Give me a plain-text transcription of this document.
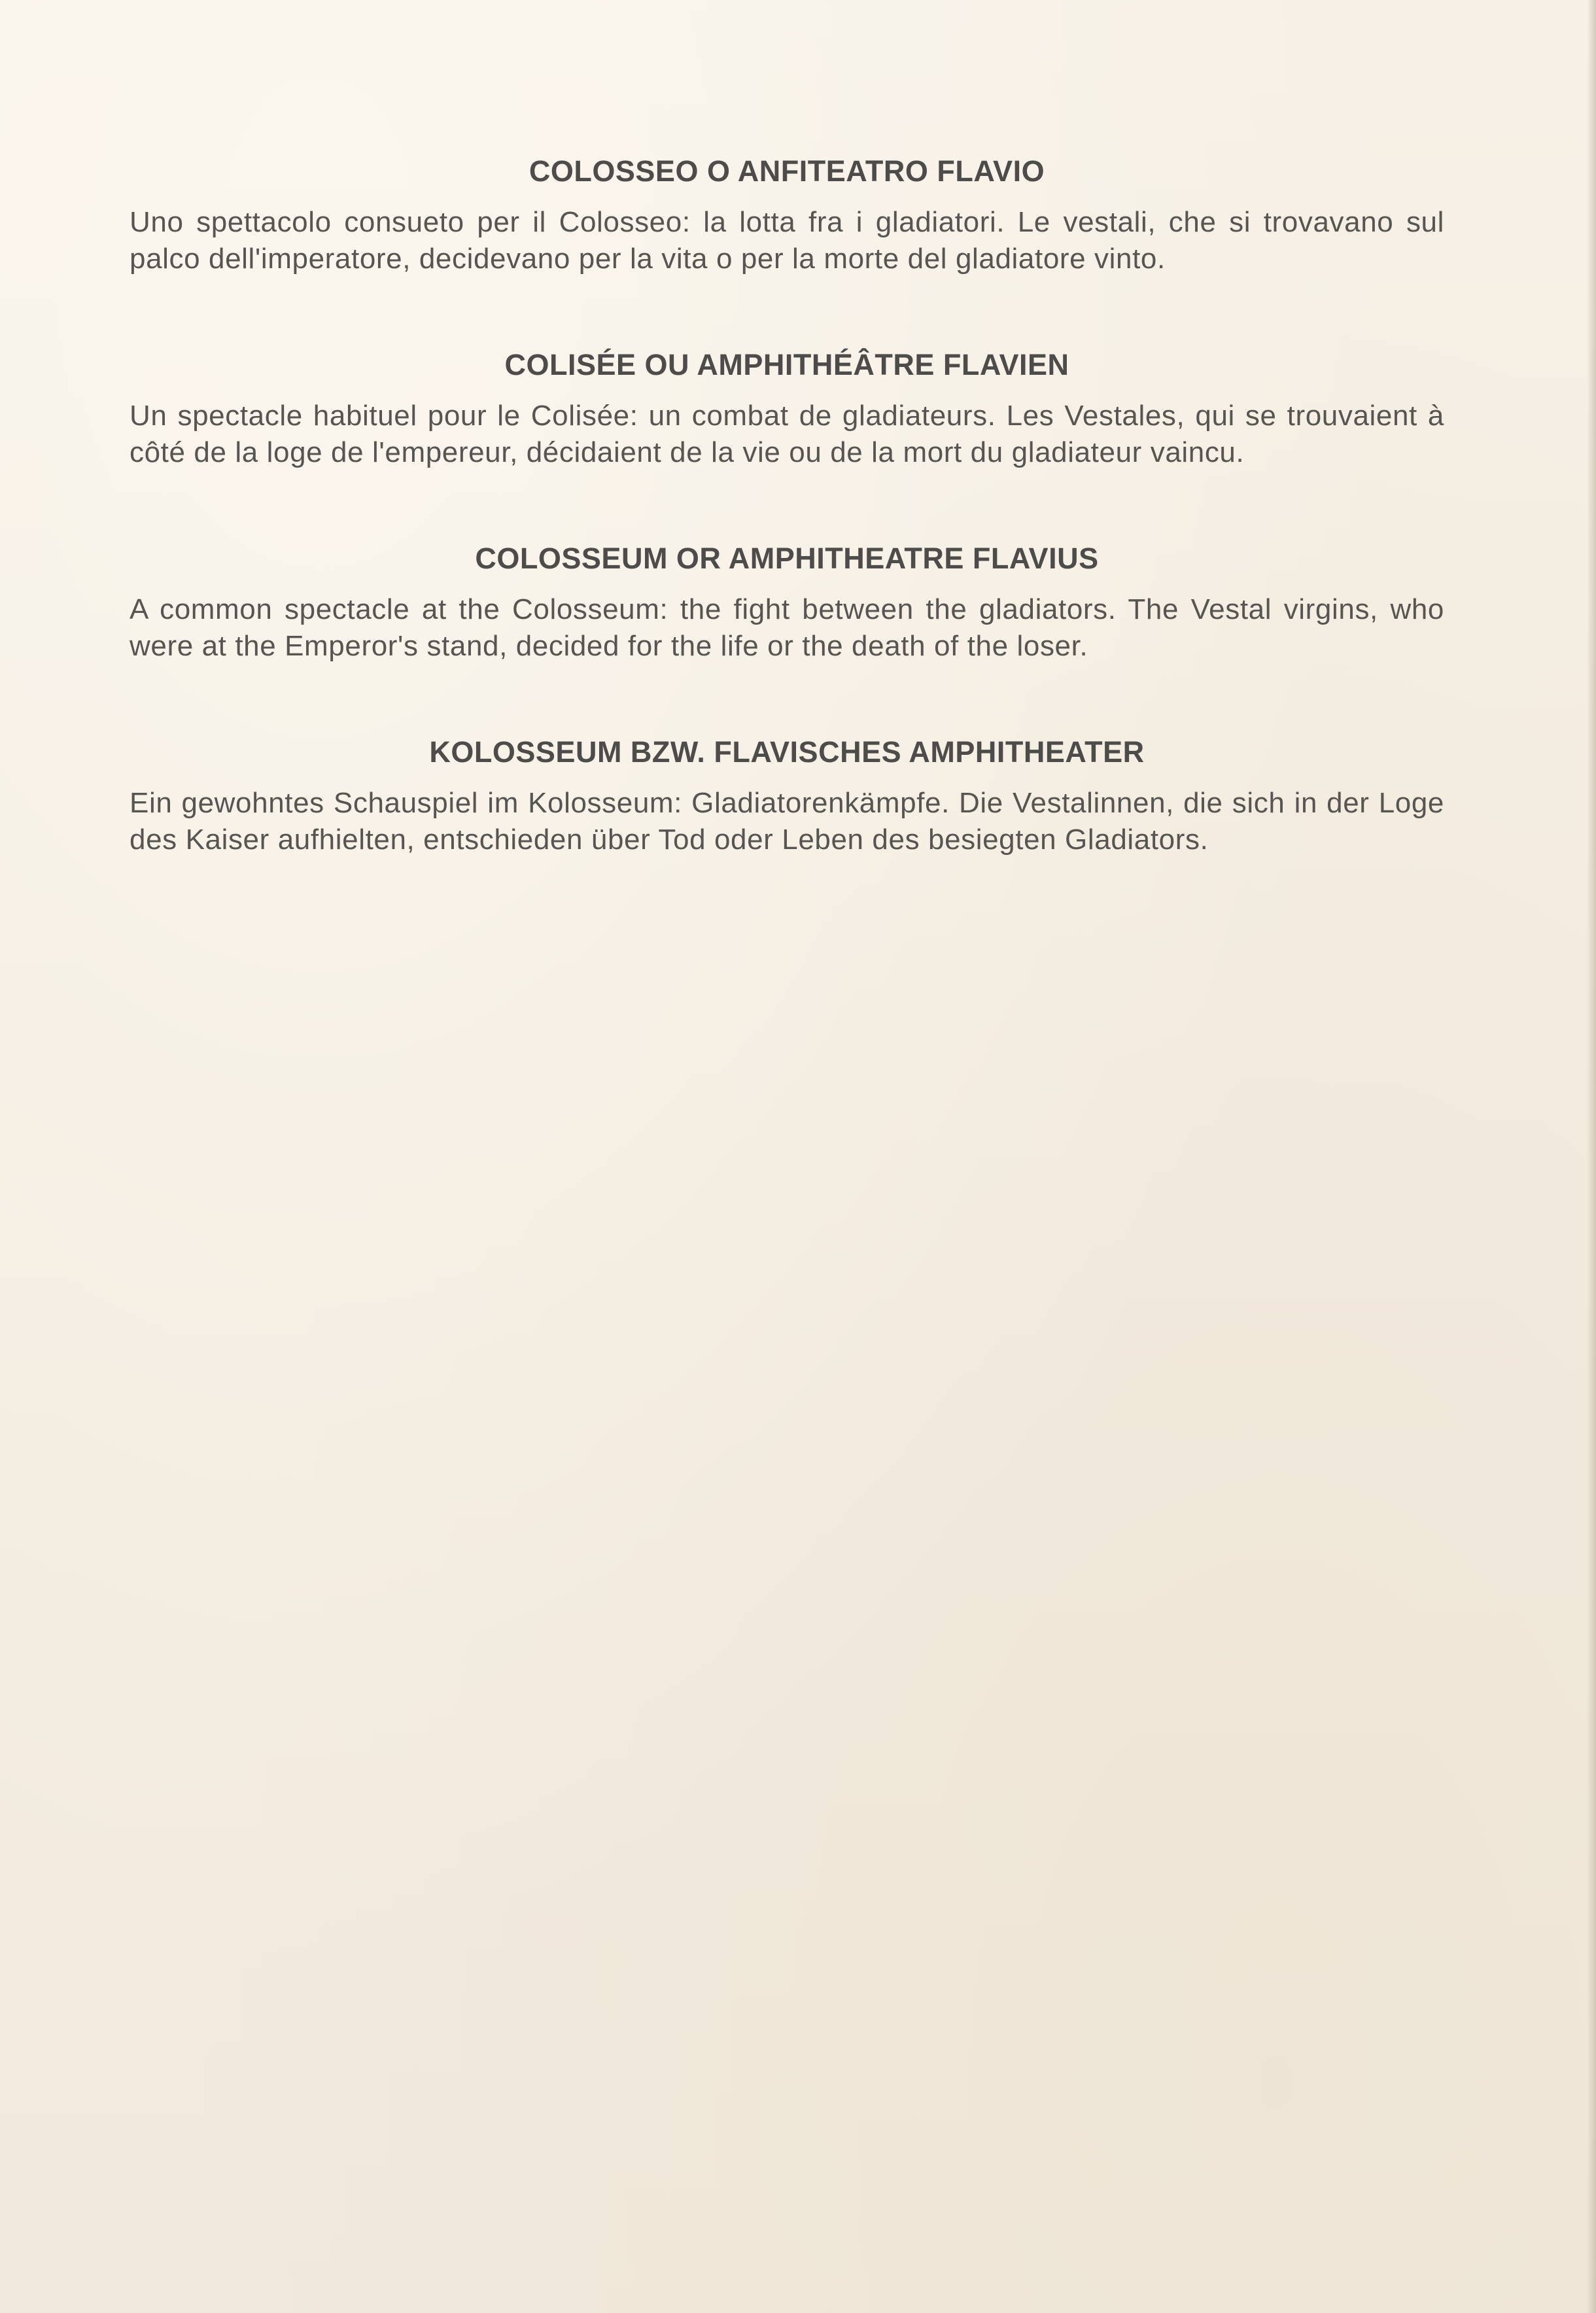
COLOSSEO O ANFITEATRO FLAVIO

Uno spettacolo consueto per il Colosseo: la lotta fra i gladiatori. Le vestali, che si trovavano sul palco dell'imperatore, decidevano per la vita o per la morte del gladiatore vinto.

COLISÉE OU AMPHITHÉÂTRE FLAVIEN

Un spectacle habituel pour le Colisée: un combat de gladiateurs. Les Vestales, qui se trouvaient à côté de la loge de l'empereur, décidaient de la vie ou de la mort du gladiateur vaincu.

COLOSSEUM OR AMPHITHEATRE FLAVIUS

A common spectacle at the Colosseum: the fight between the gladiators. The Vestal virgins, who were at the Emperor's stand, decided for the life or the death of the loser.

KOLOSSEUM BZW. FLAVISCHES AMPHITHEATER

Ein gewohntes Schauspiel im Kolosseum: Gladiatorenkämpfe. Die Vestalinnen, die sich in der Loge des Kaiser aufhielten, entschieden über Tod oder Leben des besiegten Gladiators.
